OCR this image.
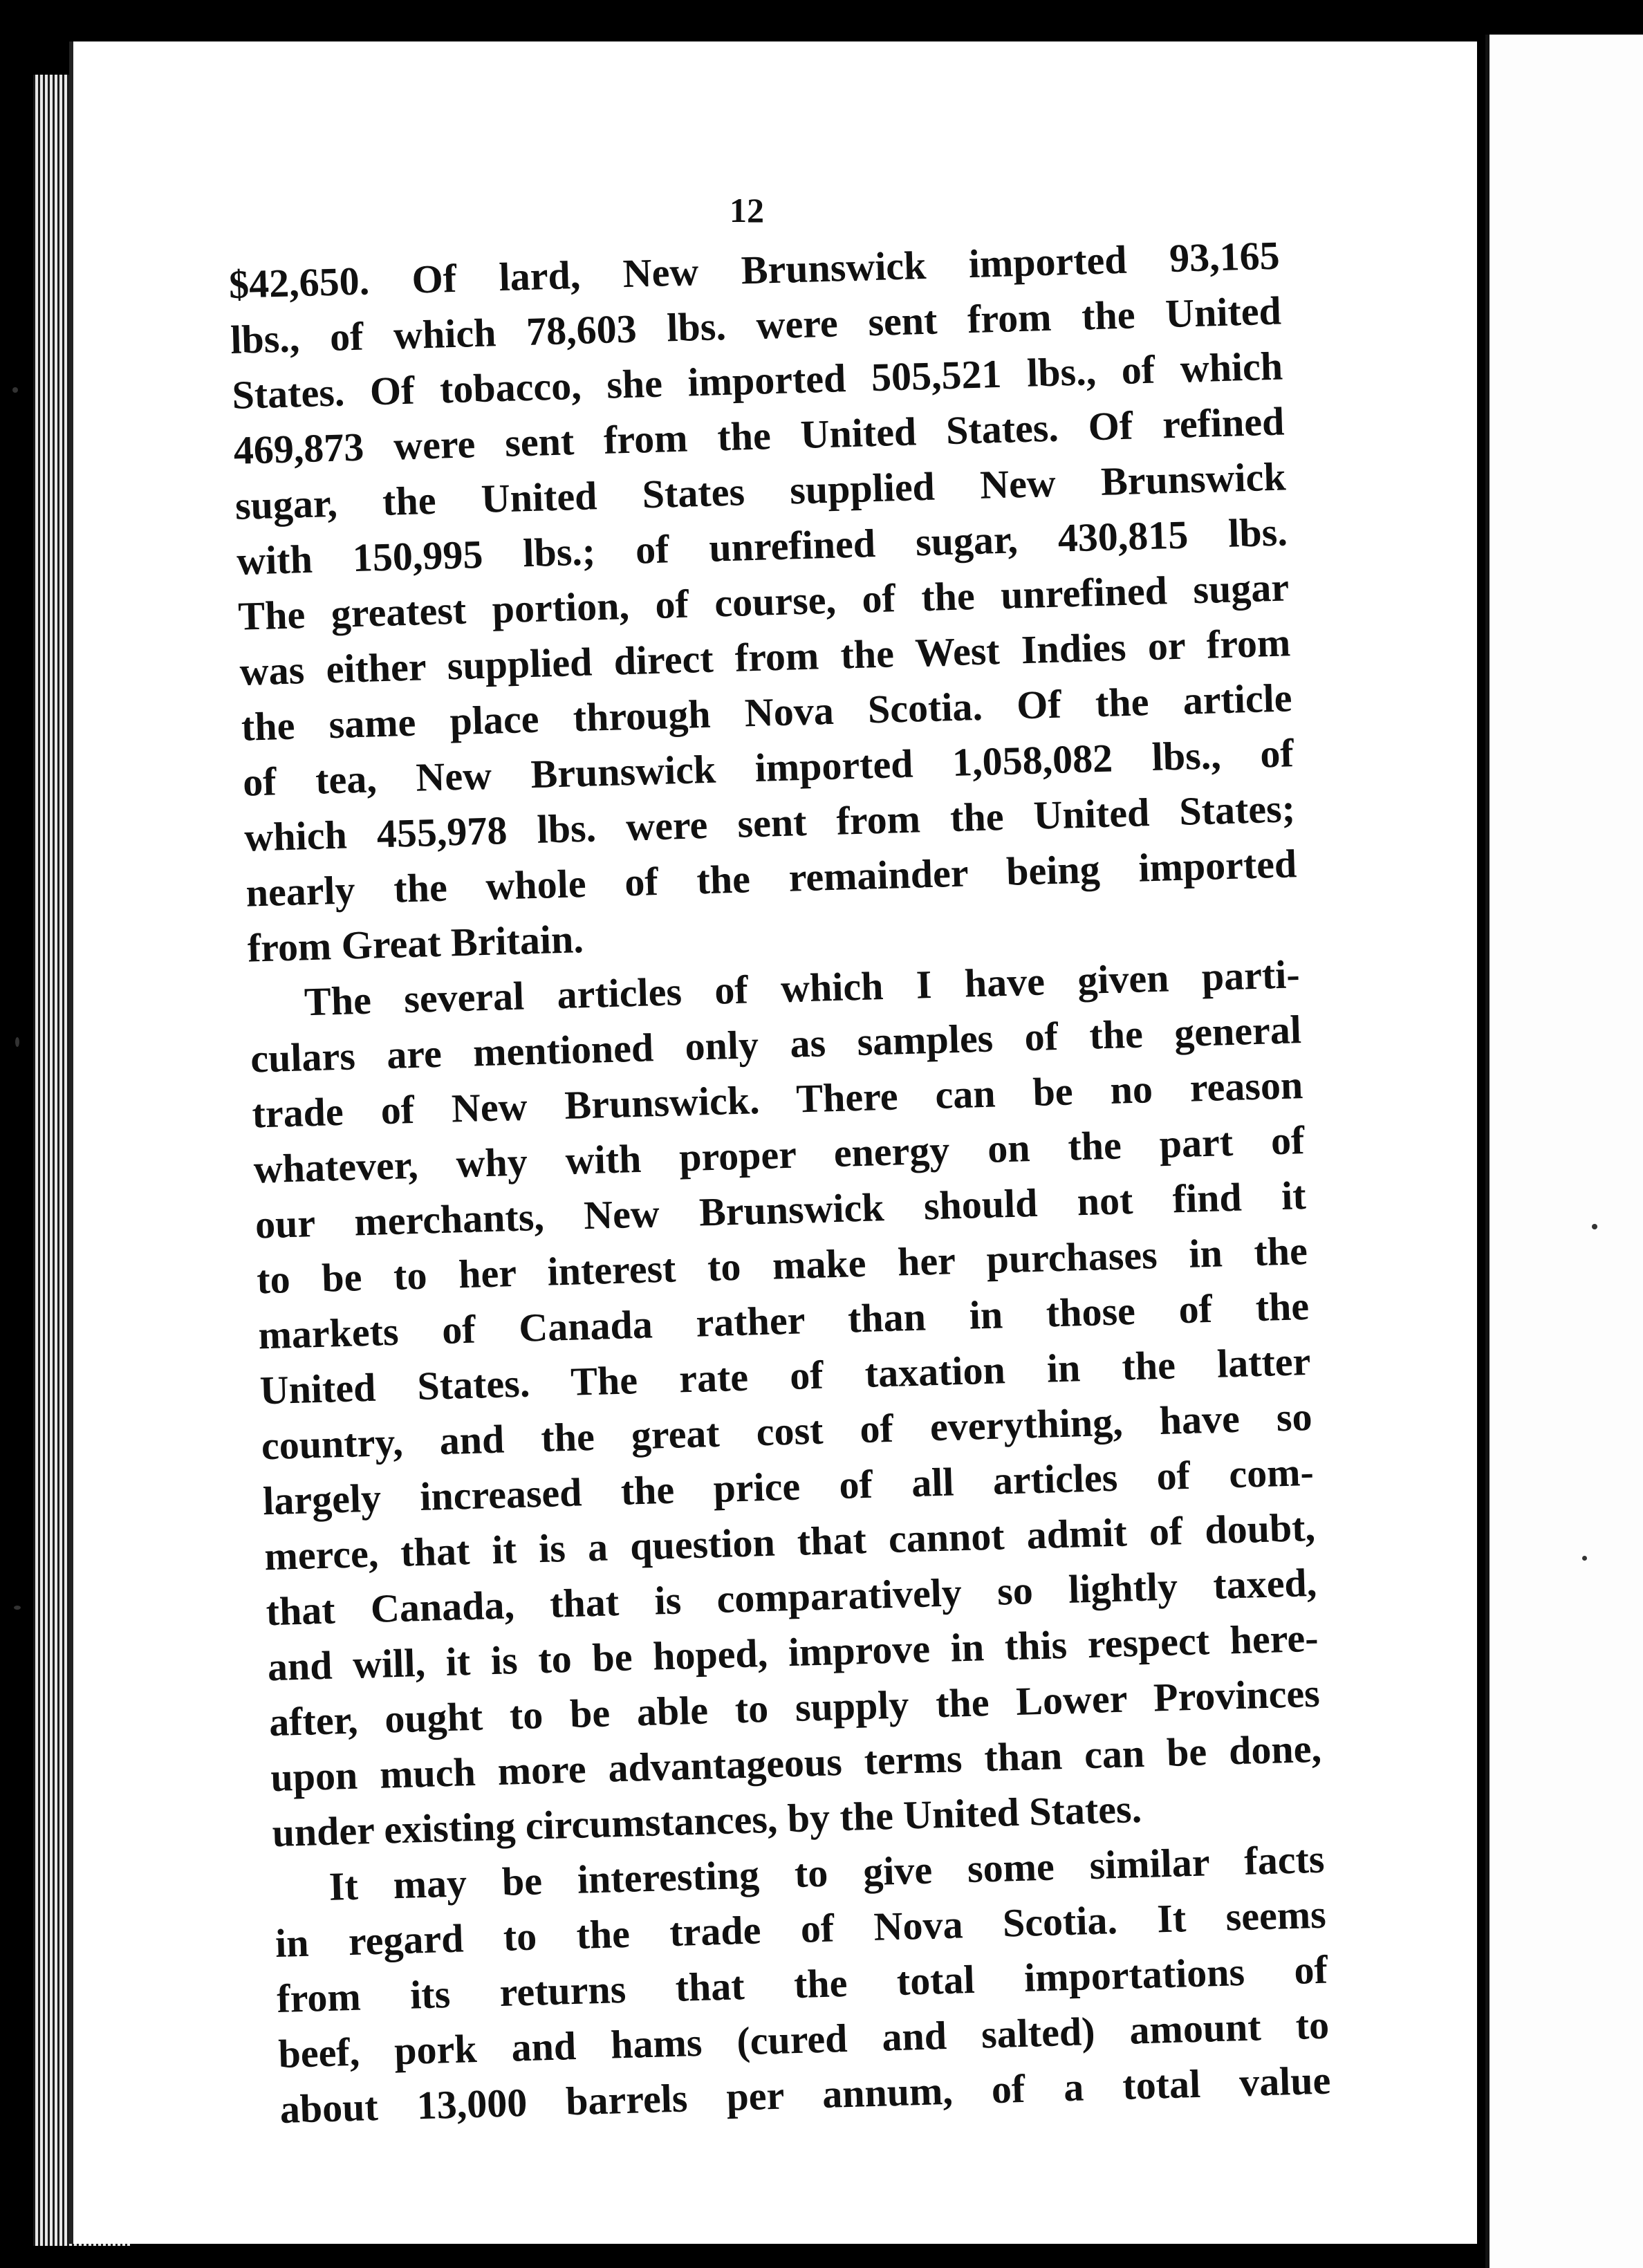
12
$42,650. Of lard, New Brunswick imported 93,165
lbs., of which 78,603 lbs. were sent from the United
States. Of tobacco, she imported 505,521 lbs., of which
469,873 were sent from the United States. Of refined
sugar, the United States supplied New Brunswick
with 150,995 lbs.; of unrefined sugar, 430,815 lbs.
The greatest portion, of course, of the unrefined sugar
was either supplied direct from the West Indies or from
the same place through Nova Scotia. Of the article
of tea, New Brunswick imported 1,058,082 lbs., of
which 455,978 lbs. were sent from the United States;
nearly the whole of the remainder being imported
from Great Britain.
The several articles of which I have given parti-
culars are mentioned only as samples of the general
trade of New Brunswick. There can be no reason
whatever, why with proper energy on the part of
our merchants, New Brunswick should not find it
to be to her interest to make her purchases in the
markets of Canada rather than in those of the
United States. The rate of taxation in the latter
country, and the great cost of everything, have so
largely increased the price of all articles of com-
merce, that it is a question that cannot admit of doubt,
that Canada, that is comparatively so lightly taxed,
and will, it is to be hoped, improve in this respect here-
after, ought to be able to supply the Lower Provinces
upon much more advantageous terms than can be done,
under existing circumstances, by the United States.
It may be interesting to give some similar facts
in regard to the trade of Nova Scotia. It seems
from its returns that the total importations of
beef, pork and hams (cured and salted) amount to
about 13,000 barrels per annum, of a total value
